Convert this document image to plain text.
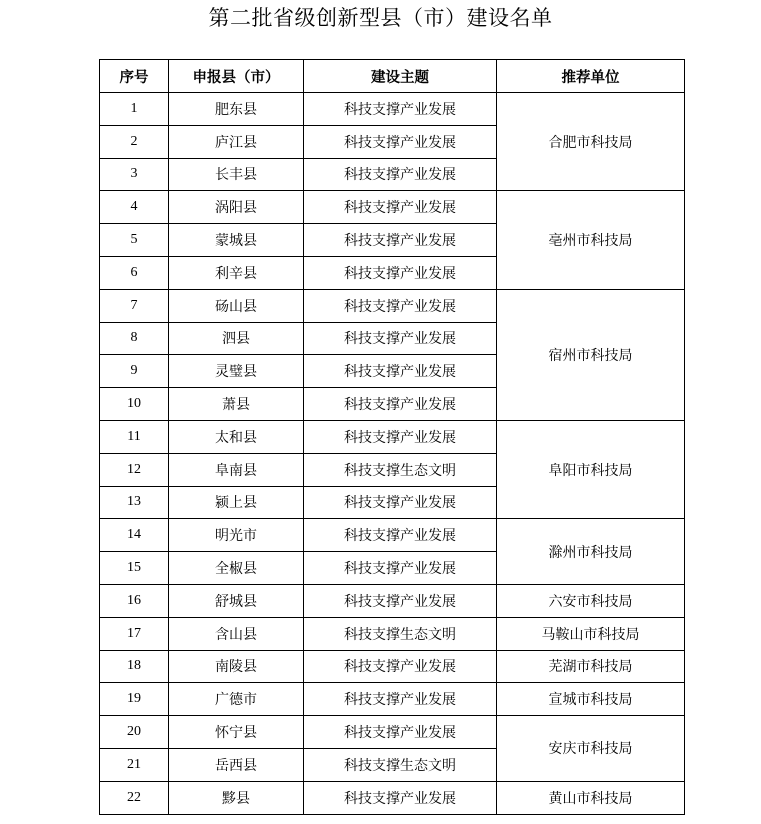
第二批省级创新型县（市）建设名单
序号	申报县（市）	建设主题	推荐单位
1	肥东县	科技支撑产业发展	合肥市科技局
2	庐江县	科技支撑产业发展	
3	长丰县	科技支撑产业发展	
4	涡阳县	科技支撑产业发展	亳州市科技局
5	蒙城县	科技支撑产业发展	
6	利辛县	科技支撑产业发展	
7	砀山县	科技支撑产业发展	宿州市科技局
8	泗县	科技支撑产业发展	
9	灵璧县	科技支撑产业发展	
10	萧县	科技支撑产业发展	
11	太和县	科技支撑产业发展	阜阳市科技局
12	阜南县	科技支撑生态文明	
13	颍上县	科技支撑产业发展	
14	明光市	科技支撑产业发展	滁州市科技局
15	全椒县	科技支撑产业发展	
16	舒城县	科技支撑产业发展	六安市科技局
17	含山县	科技支撑生态文明	马鞍山市科技局
18	南陵县	科技支撑产业发展	芜湖市科技局
19	广德市	科技支撑产业发展	宣城市科技局
20	怀宁县	科技支撑产业发展	安庆市科技局
21	岳西县	科技支撑生态文明	
22	黟县	科技支撑产业发展	黄山市科技局
